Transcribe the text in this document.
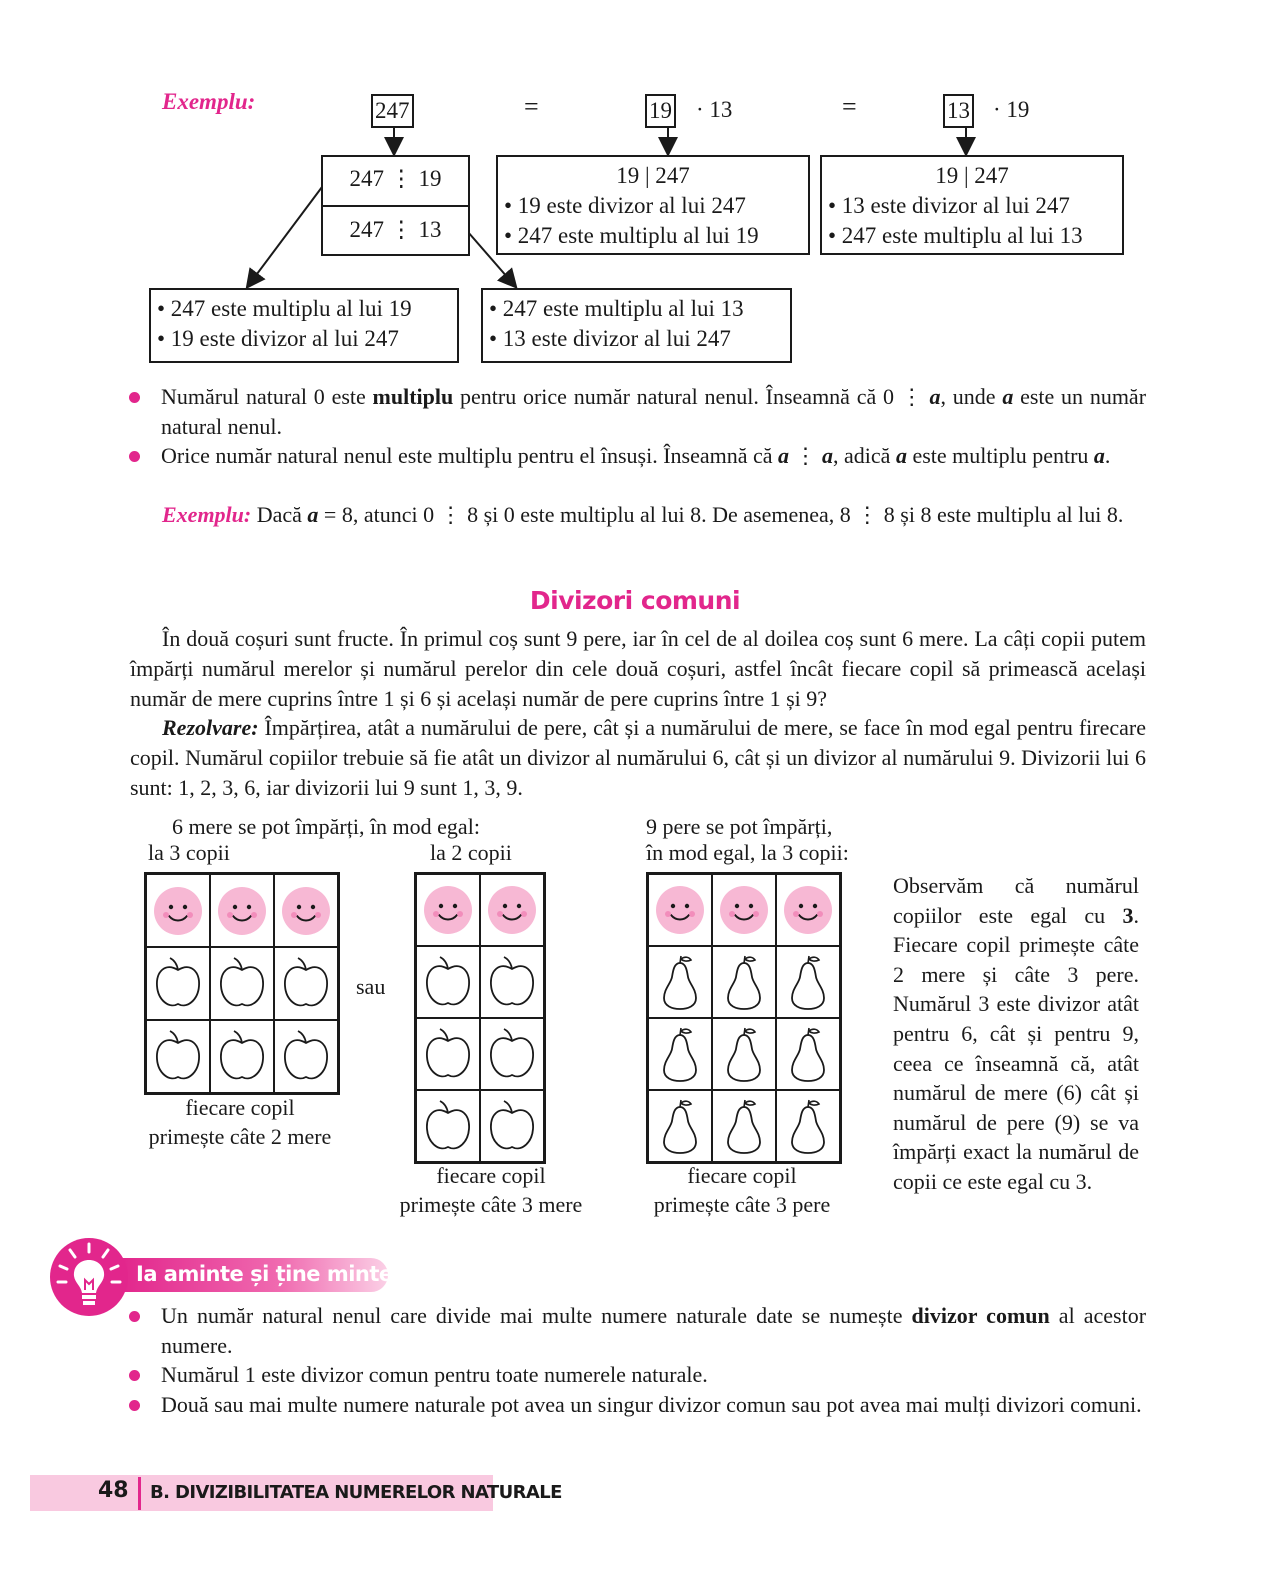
Exemplu:	247	=	19 · 13	=	13 · 19
247 ⋮ 19
247 ⋮ 13
19 | 247
• 19 este divizor al lui 247
• 247 este multiplu al lui 19
19 | 247
• 13 este divizor al lui 247
• 247 este multiplu al lui 13
• 247 este multiplu al lui 19
• 19 este divizor al lui 247
• 247 este multiplu al lui 13
• 13 este divizor al lui 247
Numărul natural 0 este multiplu pentru orice număr natural nenul. Înseamnă că 0 ⋮ a, unde a este un număr natural nenul.
Orice număr natural nenul este multiplu pentru el însuși. Înseamnă că a ⋮ a, adică a este multiplu pentru a.
Exemplu: Dacă a = 8, atunci 0 ⋮ 8 și 0 este multiplu al lui 8. De asemenea, 8 ⋮ 8 și 8 este multiplu al lui 8.
Divizori comuni
În două coșuri sunt fructe. În primul coș sunt 9 pere, iar în cel de al doilea coș sunt 6 mere. La câți copii putem împărți numărul merelor și numărul perelor din cele două coșuri, astfel încât fiecare copil să primească același număr de mere cuprins între 1 și 6 și același număr de pere cuprins între 1 și 9?
Rezolvare: Împărțirea, atât a numărului de pere, cât și a numărului de mere, se face în mod egal pentru firecare copil. Numărul copiilor trebuie să fie atât un divizor al numărului 6, cât și un divizor al numărului 9. Divizorii lui 6 sunt: 1, 2, 3, 6, iar divizorii lui 9 sunt 1, 3, 9.
6 mere se pot împărți, în mod egal:
la 3 copii	la 2 copii
sau
9 pere se pot împărți,
în mod egal, la 3 copii:
fiecare copil
primește câte 2 mere
fiecare copil
primește câte 3 mere
fiecare copil
primește câte 3 pere
Observăm că numărul copiilor este egal cu 3. Fiecare copil primește câte 2 mere și câte 3 pere. Numărul 3 este divizor atât pentru 6, cât și pentru 9, ceea ce înseamnă că, atât numărul de mere (6) cât și numărul de pere (9) se va împărți exact la numărul de copii ce este egal cu 3.
Ia aminte și ține minte!
Un număr natural nenul care divide mai multe numere naturale date se numește divizor comun al acestor numere.
Numărul 1 este divizor comun pentru toate numerele naturale.
Două sau mai multe numere naturale pot avea un singur divizor comun sau pot avea mai mulți divizori comuni.
48 B. DIVIZIBILITATEA NUMERELOR NATURALE
